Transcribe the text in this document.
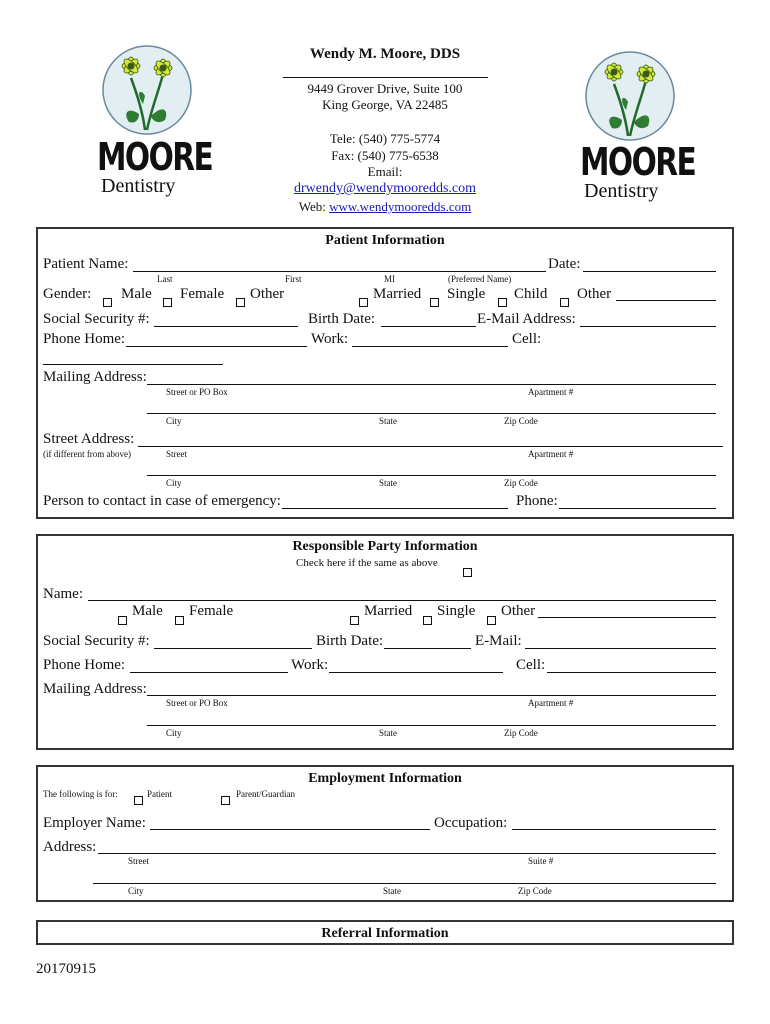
MOORE	MOORE
Dentistry
Dentistry
Wendy M. Moore, DDS
9449 Grover Drive, Suite 100
King George, VA 22485
Tele: (540) 775-5774
Fax: (540) 775-6538
Email:
drwendy@wendymooredds.com
Web: www.wendymooredds.com
Patient Information
Patient Name:	Date:
Last	First	MI	(Preferred Name)
Gender: Male Female Other	Married Single Child Other
Social Security #:	Birth Date:	E-Mail Address:
Phone Home:	Work:	Cell:
Mailing Address:
Street or PO Box	Apartment #
City	State	Zip Code
Street Address:
(if different from above)	Street	Apartment #
City	State	Zip Code
Person to contact in case of emergency:	Phone:
Responsible Party Information
Check here if the same as above
Name:
Male Female	Married Single Other
Social Security #:	Birth Date:	E-Mail:
Phone Home:	Work:	Cell:
Mailing Address:
Street or PO Box	Apartment #
City	State	Zip Code
Employment Information
The following is for:	Patient	Parent/Guardian
Employer Name:	Occupation:
Address:
Street	Suite #
City	State	Zip Code
Referral Information
20170915
